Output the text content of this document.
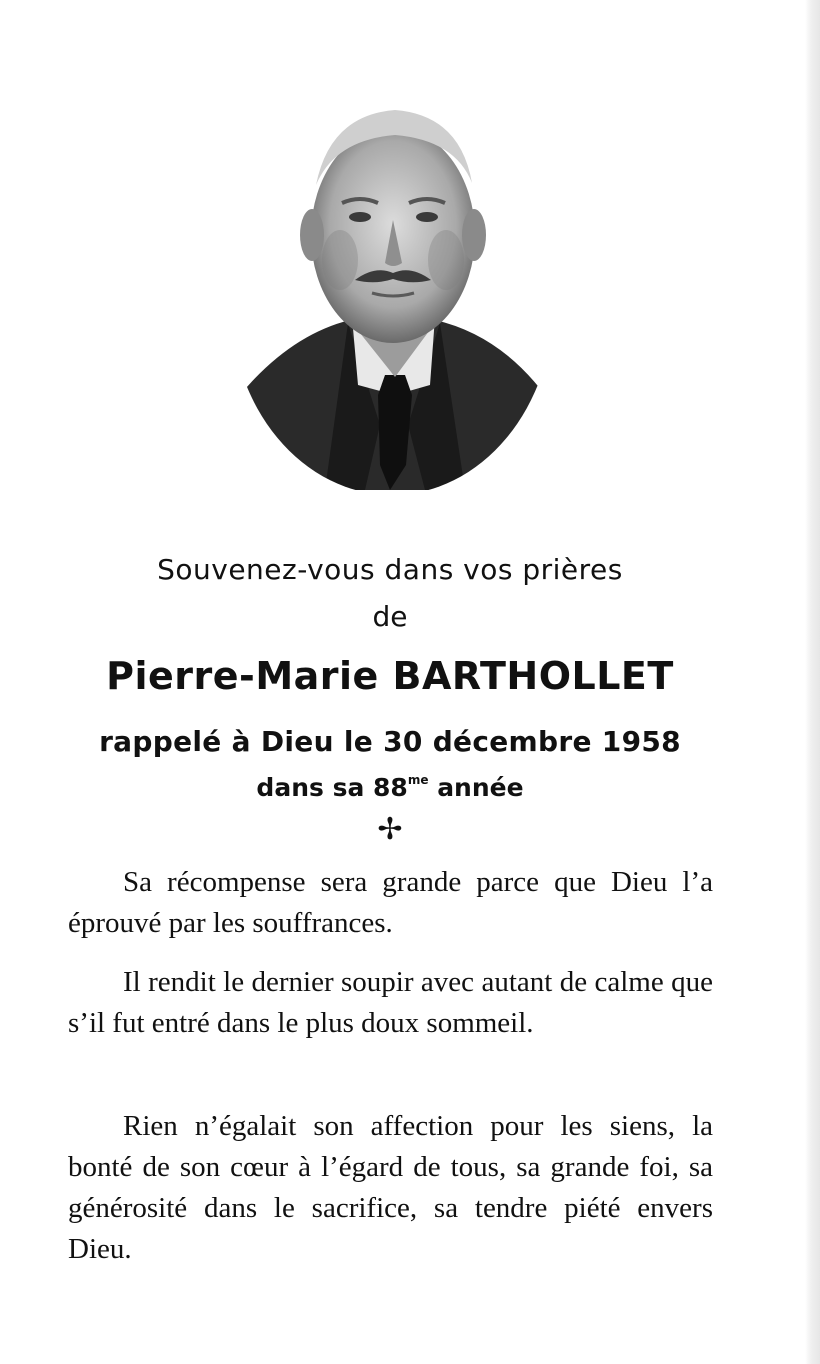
Souvenez-vous dans vos prières
de
Pierre-Marie BARTHOLLET
rappelé à Dieu le 30 décembre 1958
dans sa $88^{me}$ année
✢
Sa récompense sera grande parce que Dieu l’a éprouvé par les souffrances.
Il rendit le dernier soupir avec autant de calme que s’il fut entré dans le plus doux sommeil.
Rien n’égalait son affection pour les siens, la bonté de son cœur à l’égard de tous, sa grande foi, sa générosité dans le sacrifice, sa tendre piété envers Dieu.
